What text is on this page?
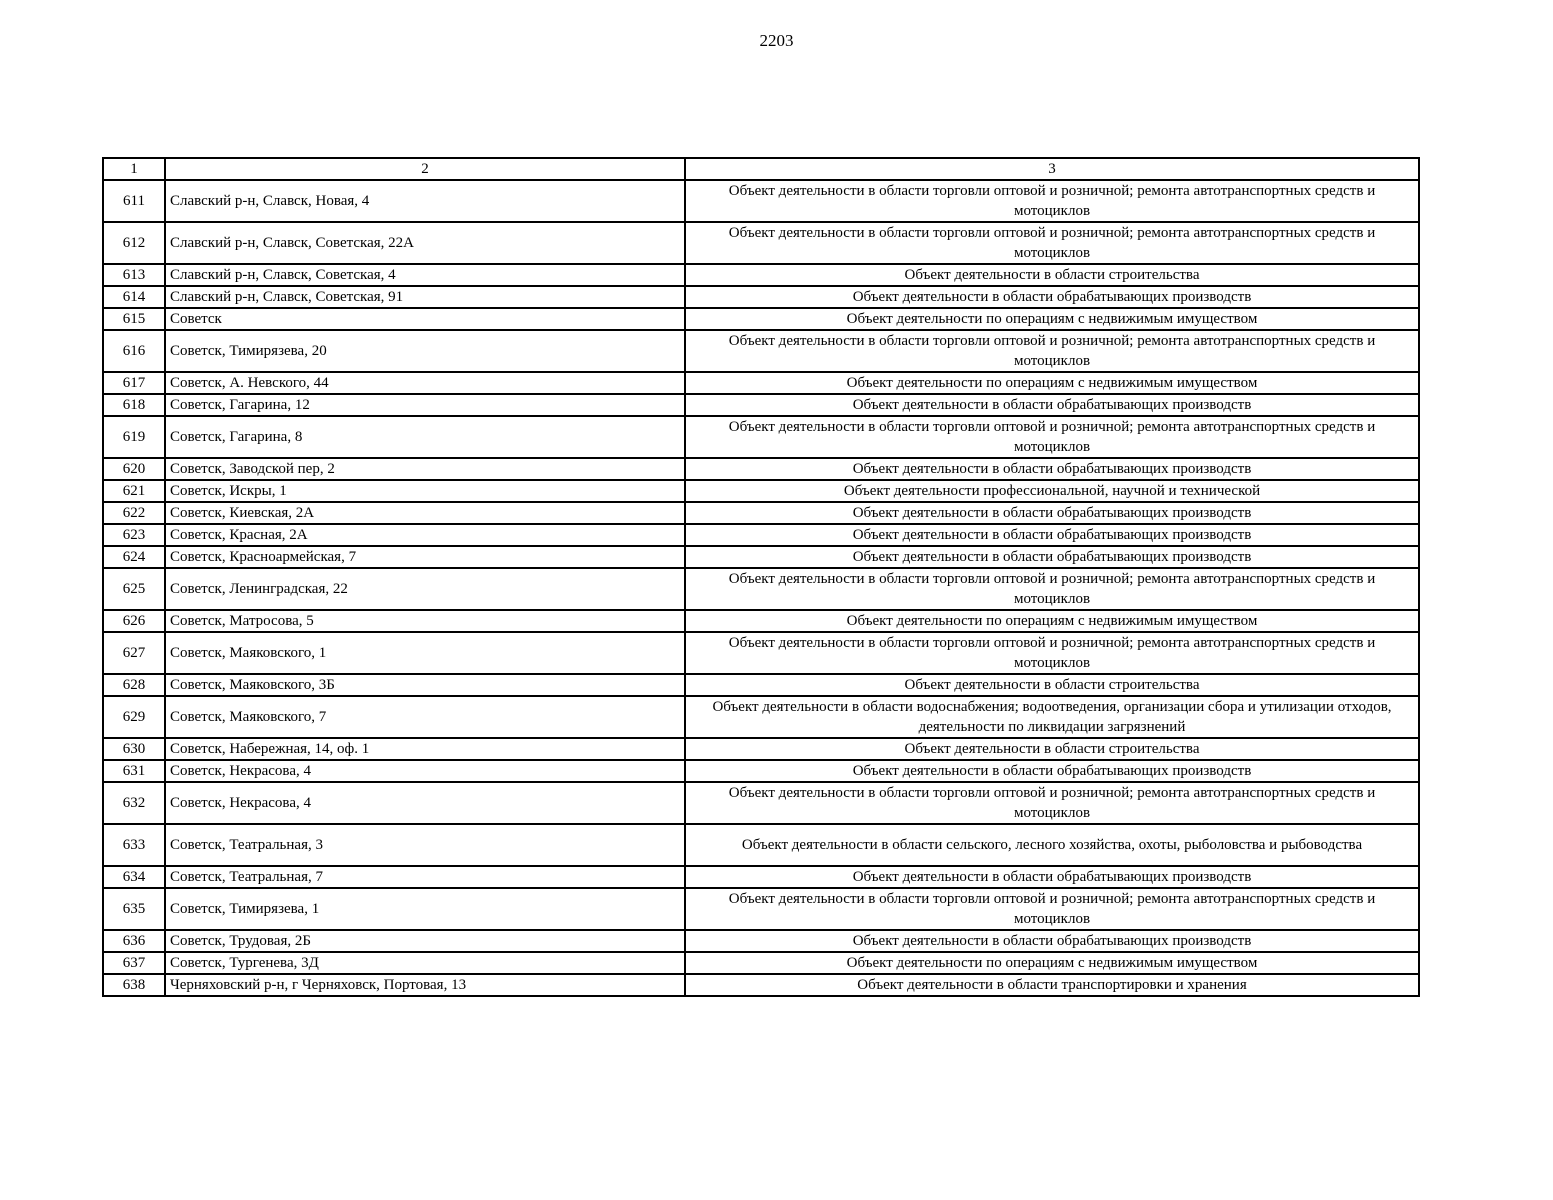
2203
1	2	3
611	Славский р-н, Славск, Новая, 4	Объект деятельности в области торговли оптовой и розничной; ремонта автотранспортных средств и мотоциклов
612	Славский р-н, Славск, Советская, 22А	Объект деятельности в области торговли оптовой и розничной; ремонта автотранспортных средств и мотоциклов
613	Славский р-н, Славск, Советская, 4	Объект деятельности в области строительства
614	Славский р-н, Славск, Советская, 91	Объект деятельности в области обрабатывающих производств
615	Советск	Объект деятельности по операциям с недвижимым имуществом
616	Советск, Тимирязева, 20	Объект деятельности в области торговли оптовой и розничной; ремонта автотранспортных средств и мотоциклов
617	Советск, А. Невского, 44	Объект деятельности по операциям с недвижимым имуществом
618	Советск, Гагарина, 12	Объект деятельности в области обрабатывающих производств
619	Советск, Гагарина, 8	Объект деятельности в области торговли оптовой и розничной; ремонта автотранспортных средств и мотоциклов
620	Советск, Заводской пер, 2	Объект деятельности в области обрабатывающих производств
621	Советск, Искры, 1	Объект деятельности профессиональной, научной и технической
622	Советск, Киевская, 2А	Объект деятельности в области обрабатывающих производств
623	Советск, Красная, 2А	Объект деятельности в области обрабатывающих производств
624	Советск, Красноармейская, 7	Объект деятельности в области обрабатывающих производств
625	Советск, Ленинградская, 22	Объект деятельности в области торговли оптовой и розничной; ремонта автотранспортных средств и мотоциклов
626	Советск, Матросова, 5	Объект деятельности по операциям с недвижимым имуществом
627	Советск, Маяковского, 1	Объект деятельности в области торговли оптовой и розничной; ремонта автотранспортных средств и мотоциклов
628	Советск, Маяковского, 3Б	Объект деятельности в области строительства
629	Советск, Маяковского, 7	Объект деятельности в области водоснабжения; водоотведения, организации сбора и утилизации отходов, деятельности по ликвидации загрязнений
630	Советск, Набережная, 14, оф. 1	Объект деятельности в области строительства
631	Советск, Некрасова, 4	Объект деятельности в области обрабатывающих производств
632	Советск, Некрасова, 4	Объект деятельности в области торговли оптовой и розничной; ремонта автотранспортных средств и мотоциклов
633	Советск, Театральная, 3	Объект деятельности в области сельского, лесного хозяйства, охоты, рыболовства и рыбоводства
634	Советск, Театральная, 7	Объект деятельности в области обрабатывающих производств
635	Советск, Тимирязева, 1	Объект деятельности в области торговли оптовой и розничной; ремонта автотранспортных средств и мотоциклов
636	Советск, Трудовая, 2Б	Объект деятельности в области обрабатывающих производств
637	Советск, Тургенева, 3Д	Объект деятельности по операциям с недвижимым имуществом
638	Черняховский р-н, г Черняховск, Портовая, 13	Объект деятельности в области транспортировки и хранения
